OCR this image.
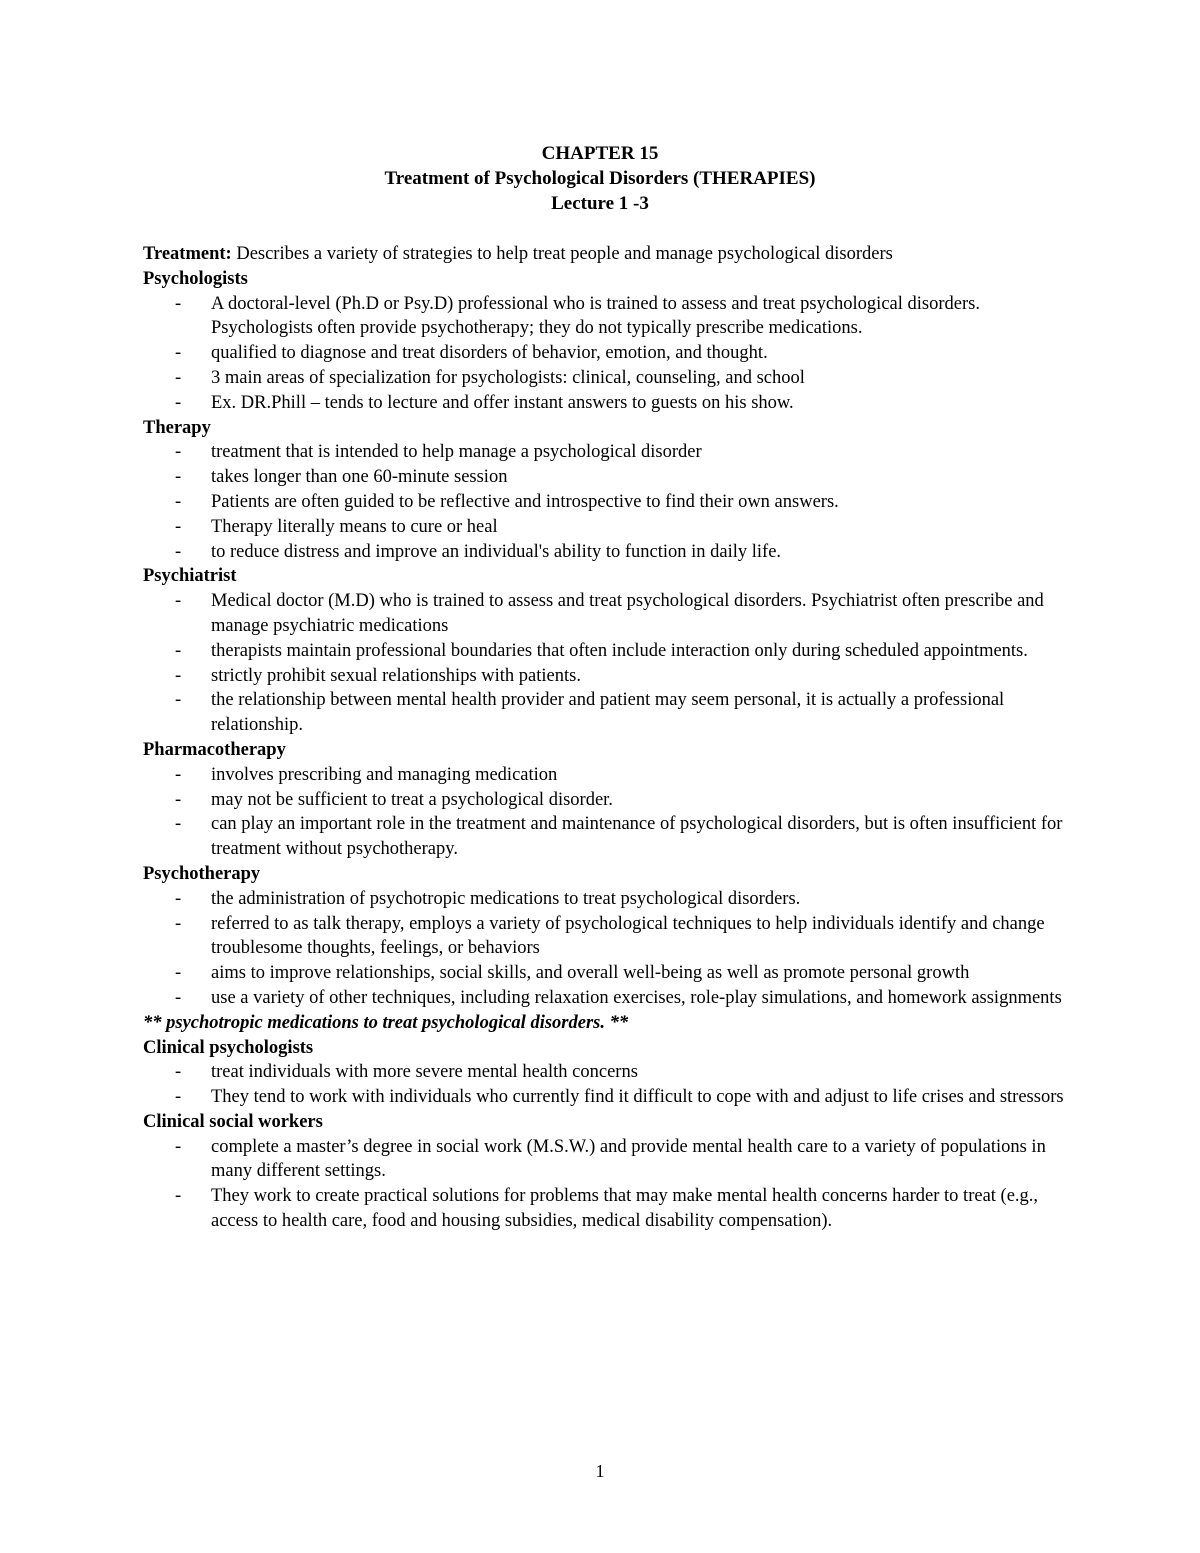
CHAPTER 15
Treatment of Psychological Disorders (THERAPIES)
Lecture 1 -3
Treatment: Describes a variety of strategies to help treat people and manage psychological disorders
Psychologists
- A doctoral-level (Ph.D or Psy.D) professional who is trained to assess and treat psychological disorders. Psychologists often provide psychotherapy; they do not typically prescribe medications.
- qualified to diagnose and treat disorders of behavior, emotion, and thought.
- 3 main areas of specialization for psychologists: clinical, counseling, and school
- Ex. DR.Phill – tends to lecture and offer instant answers to guests on his show.
Therapy
- treatment that is intended to help manage a psychological disorder
- takes longer than one 60-minute session
- Patients are often guided to be reflective and introspective to find their own answers.
- Therapy literally means to cure or heal
- to reduce distress and improve an individual's ability to function in daily life.
Psychiatrist
- Medical doctor (M.D) who is trained to assess and treat psychological disorders. Psychiatrist often prescribe and manage psychiatric medications
- therapists maintain professional boundaries that often include interaction only during scheduled appointments.
- strictly prohibit sexual relationships with patients.
- the relationship between mental health provider and patient may seem personal, it is actually a professional relationship.
Pharmacotherapy
- involves prescribing and managing medication
- may not be sufficient to treat a psychological disorder.
- can play an important role in the treatment and maintenance of psychological disorders, but is often insufficient for treatment without psychotherapy.
Psychotherapy
- the administration of psychotropic medications to treat psychological disorders.
- referred to as talk therapy, employs a variety of psychological techniques to help individuals identify and change troublesome thoughts, feelings, or behaviors
- aims to improve relationships, social skills, and overall well-being as well as promote personal growth
- use a variety of other techniques, including relaxation exercises, role-play simulations, and homework assignments
** psychotropic medications to treat psychological disorders. **
Clinical psychologists
- treat individuals with more severe mental health concerns
- They tend to work with individuals who currently find it difficult to cope with and adjust to life crises and stressors
Clinical social workers
- complete a master’s degree in social work (M.S.W.) and provide mental health care to a variety of populations in many different settings.
- They work to create practical solutions for problems that may make mental health concerns harder to treat (e.g., access to health care, food and housing subsidies, medical disability compensation).
1
